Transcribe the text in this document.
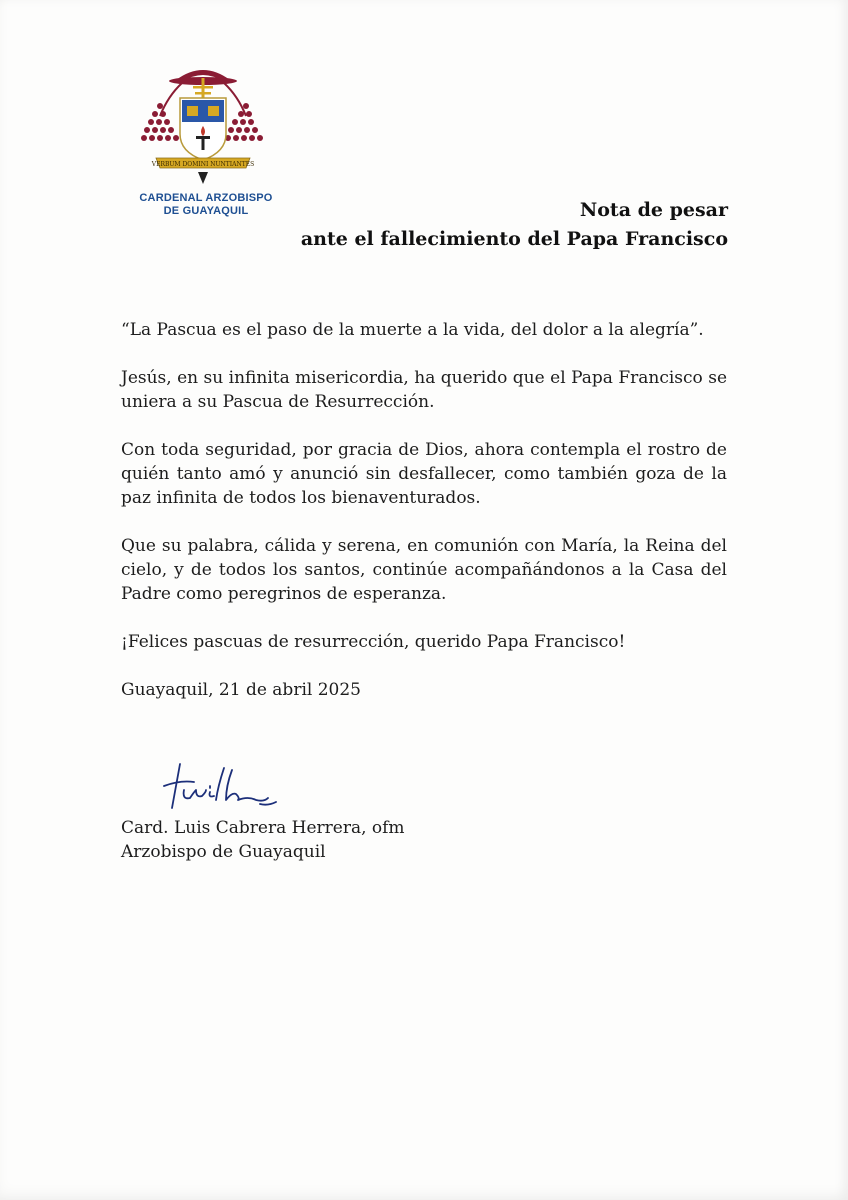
VERBUM DOMINI NUNTIANTES
CARDENAL ARZOBISPO
DE GUAYAQUIL	Nota de pesar
ante el fallecimiento del Papa Francisco

“La Pascua es el paso de la muerte a la vida, del dolor a la alegría”.

Jesús, en su infinita misericordia, ha querido que el Papa Francisco se uniera a su Pascua de Resurrección.

Con toda seguridad, por gracia de Dios, ahora contempla el rostro de quién tanto amó y anunció sin desfallecer, como también goza de la paz infinita de todos los bienaventurados.

Que su palabra, cálida y serena, en comunión con María, la Reina del cielo, y de todos los santos, continúe acompañándonos a la Casa del Padre como peregrinos de esperanza.

¡Felices pascuas de resurrección, querido Papa Francisco!

Guayaquil, 21 de abril 2025

Card. Luis Cabrera Herrera, ofm
Arzobispo de Guayaquil
